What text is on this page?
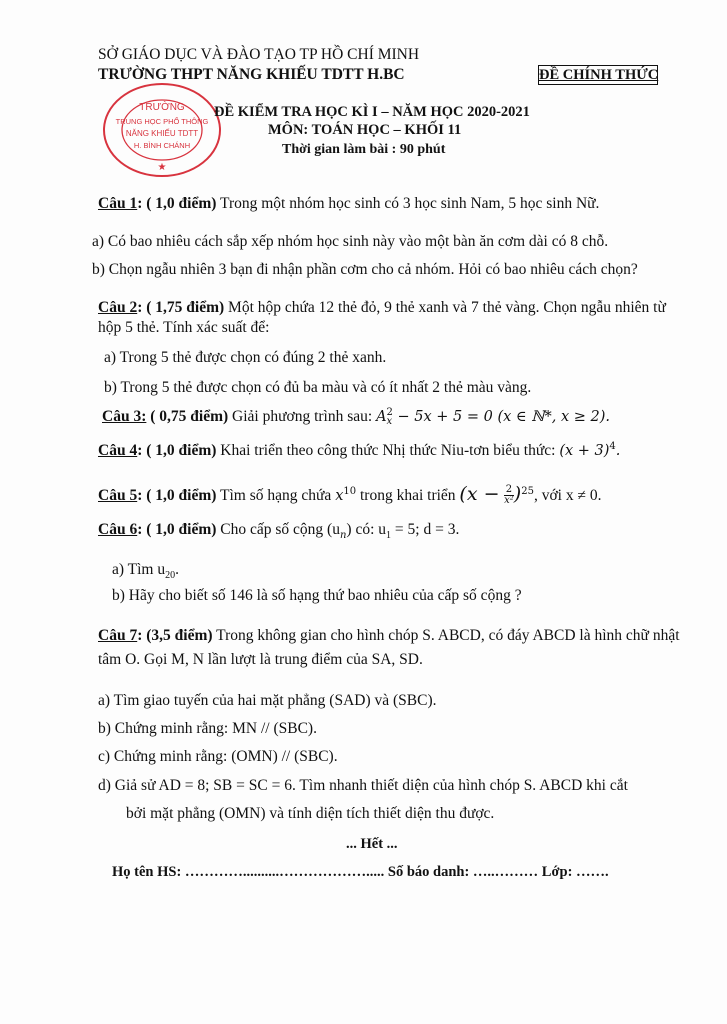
SỞ GIÁO DỤC VÀ ĐÀO TẠO TP HỒ CHÍ MINH
TRƯỜNG THPT NĂNG KHIẾU TDTT H.BC	ĐỀ CHÍNH THỨC
TRƯỜNG
TRUNG HỌC PHỔ THÔNG
NĂNG KHIẾU TDTT
H. BÌNH CHÁNH
★
ĐỀ KIỂM TRA HỌC KÌ I – NĂM HỌC 2020-2021
MÔN: TOÁN HỌC – KHỐI 11
Thời gian làm bài : 90 phút
Câu 1: ( 1,0 điểm) Trong một nhóm học sinh có 3 học sinh Nam, 5 học sinh Nữ.
a) Có bao nhiêu cách sắp xếp nhóm học sinh này vào một bàn ăn cơm dài có 8 chỗ.
b) Chọn ngẫu nhiên 3 bạn đi nhận phần cơm cho cả nhóm. Hỏi có bao nhiêu cách chọn?
Câu 2: ( 1,75 điểm) Một hộp chứa 12 thẻ đỏ, 9 thẻ xanh và 7 thẻ vàng. Chọn ngẫu nhiên từ
hộp 5 thẻ. Tính xác suất để:
a) Trong 5 thẻ được chọn có đúng 2 thẻ xanh.
b) Trong 5 thẻ được chọn có đủ ba màu và có ít nhất 2 thẻ màu vàng.
Câu 3: ( 0,75 điểm) Giải phương trình sau: A 2
x − 5x + 5 = 0 (x ∈ ℕ*, x ≥ 2).
Câu 4: ( 1,0 điểm) Khai triển theo công thức Nhị thức Niu-tơn biểu thức: $(x + 3)^4$.
Câu 5: ( 1,0 điểm) Tìm số hạng chứa $x^{10}$ trong khai triển $(x - \frac{2}{\text{x²}} )^{25}$, với x ≠ 0.
Câu 6: ( 1,0 điểm) Cho cấp số cộng $(u_n)$ có: $u_1 = 5$; d = 3.
a) Tìm $u_{20}$.
b) Hãy cho biết số 146 là số hạng thứ bao nhiêu của cấp số cộng ?
Câu 7: (3,5 điểm) Trong không gian cho hình chóp S. ABCD, có đáy ABCD là hình chữ nhật
tâm O. Gọi M, N lần lượt là trung điểm của SA, SD.
a) Tìm giao tuyến của hai mặt phẳng (SAD) và (SBC).
b) Chứng minh rằng: MN // (SBC).
c) Chứng minh rằng: (OMN) // (SBC).
d) Giả sử AD = 8; SB = SC = 6. Tìm nhanh thiết diện của hình chóp S. ABCD khi cắt
bởi mặt phẳng (OMN) và tính diện tích thiết diện thu được.
... Hết ...
Họ tên HS: …………..........………………..... Số báo danh: …..……… Lớp: …….
